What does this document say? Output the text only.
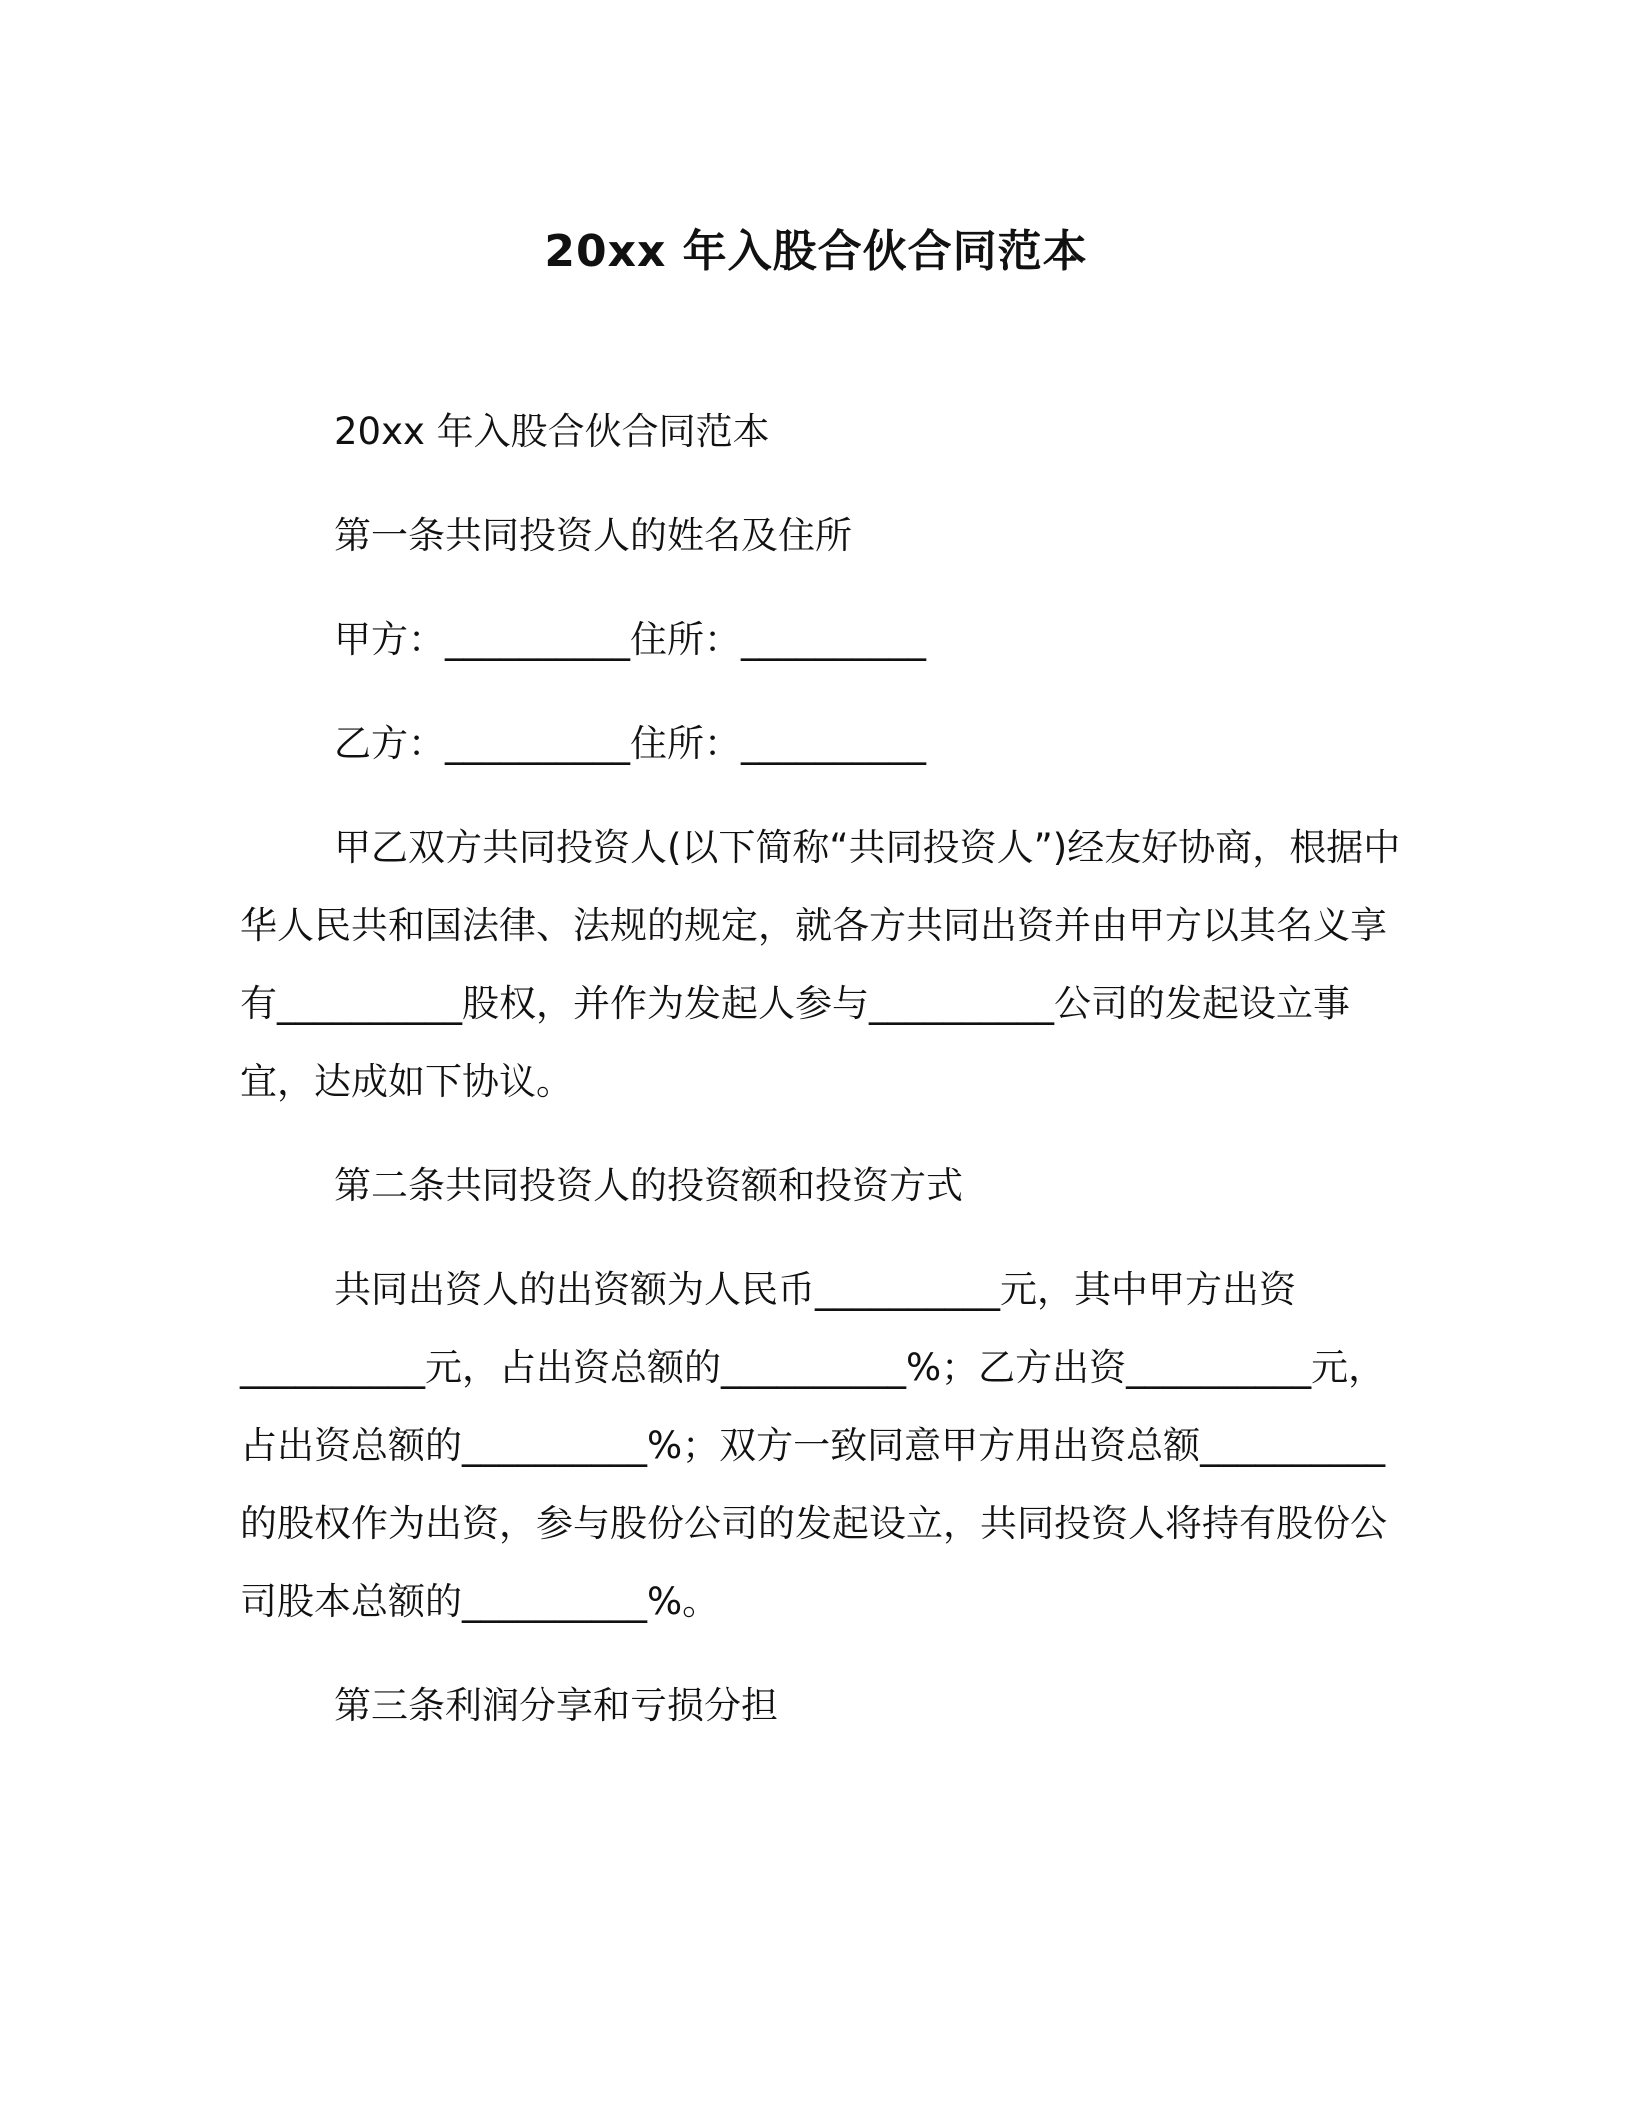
20xx 年入股合伙合同范本

20xx 年入股合伙合同范本

第一条共同投资人的姓名及住所

甲方：__________住所：__________

乙方：__________住所：__________

甲乙双方共同投资人(以下简称“共同投资人”)经友好协商，根据中华人民共和国法律、法规的规定，就各方共同出资并由甲方以其名义享有__________股权，并作为发起人参与__________公司的发起设立事宜，达成如下协议。

第二条共同投资人的投资额和投资方式

共同出资人的出资额为人民币__________元，其中甲方出资__________元，占出资总额的__________%；乙方出资__________元，占出资总额的__________%；双方一致同意甲方用出资总额__________的股权作为出资，参与股份公司的发起设立，共同投资人将持有股份公司股本总额的__________%。

第三条利润分享和亏损分担
